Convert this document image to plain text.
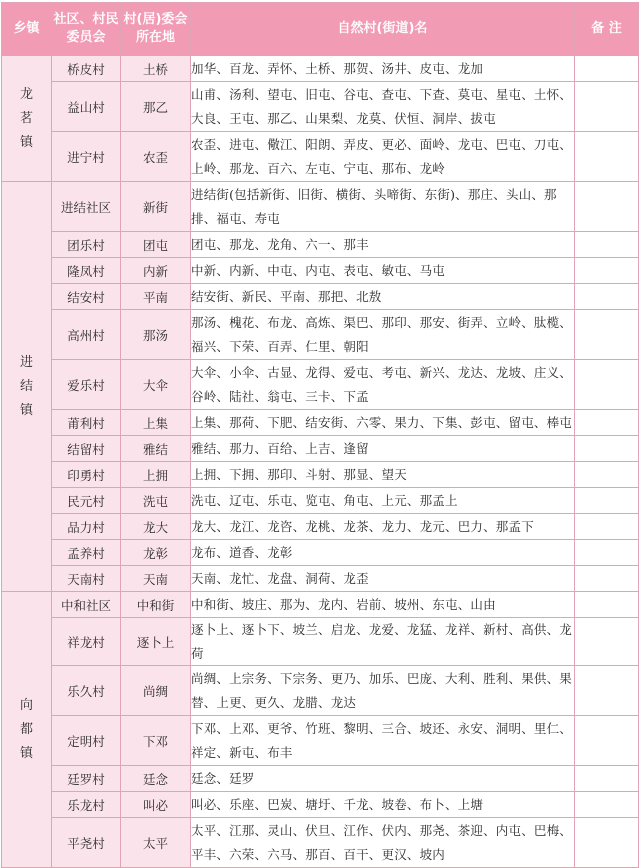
乡镇	社区、村民委员会	村(居)委会所在地	自然村(街道)名	备 注
龙茗镇	桥皮村	土桥	加华、百龙、弄怀、土桥、那贺、汤井、皮屯、龙加	
	益山村	那乙	山甫、汤利、望屯、旧屯、谷屯、查屯、下查、莫屯、星屯、土怀、大良、王屯、那乙、山果梨、龙莫、伏恒、洞岸、拔屯	
	进宁村	农歪	农歪、进屯、儆江、阳朗、弄皮、更必、面岭、龙屯、巴屯、刀屯、上岭、那龙、百六、左屯、宁屯、那布、龙岭	
进结镇	进结社区	新街	进结街(包括新街、旧街、横街、头啼街、东街)、那庄、头山、那排、福屯、寿屯	
	团乐村	团屯	团屯、那龙、龙角、六一、那丰	
	隆凤村	内新	中新、内新、中屯、内屯、表屯、敏屯、马屯	
	结安村	平南	结安街、新民、平南、那把、北敖	
	高州村	那汤	那汤、槐花、布龙、高炼、渠巴、那印、那安、街弄、立岭、肽榄、福兴、下荣、百弄、仁里、朝阳	
	爱乐村	大伞	大伞、小伞、古显、龙得、爱屯、考屯、新兴、龙达、龙坡、庄义、谷岭、陆社、翁屯、三卡、下孟	
	莆利村	上集	上集、那荷、下肥、结安街、六零、果力、下集、彭屯、留屯、棒屯	
	结留村	雅结	雅结、那力、百给、上吉、逢留	
	印勇村	上拥	上拥、下拥、那印、斗射、那显、望天	
	民元村	洗屯	洗屯、辽屯、乐屯、览屯、角屯、上元、那孟上	
	品力村	龙大	龙大、龙江、龙咨、龙桃、龙茶、龙力、龙元、巴力、那孟下	
	孟养村	龙彰	龙布、道香、龙彰	
	天南村	天南	天南、龙忙、龙盘、洞荷、龙歪	
向都镇	中和社区	中和街	中和街、坡庄、那为、龙内、岩前、坡州、东屯、山由	
	祥龙村	逐卜上	逐卜上、逐卜下、坡兰、启龙、龙爱、龙猛、龙祥、新村、高供、龙荷	
	乐久村	尚绸	尚绸、上宗务、下宗务、更乃、加乐、巴庞、大利、胜利、果供、果替、上更、更久、龙腊、龙达	
	定明村	下邓	下邓、上邓、更爷、竹班、黎明、三合、坡还、永安、洞明、里仁、祥定、新屯、布丰	
	廷罗村	廷念	廷念、廷罗	
	乐龙村	叫必	叫必、乐座、巴炭、塘圩、千龙、坡卷、布卜、上塘	
	平尧村	太平	太平、江那、灵山、伏旦、江作、伏内、那尧、茶迎、内屯、巴梅、平丰、六荣、六马、那百、百干、更汉、坡内	
